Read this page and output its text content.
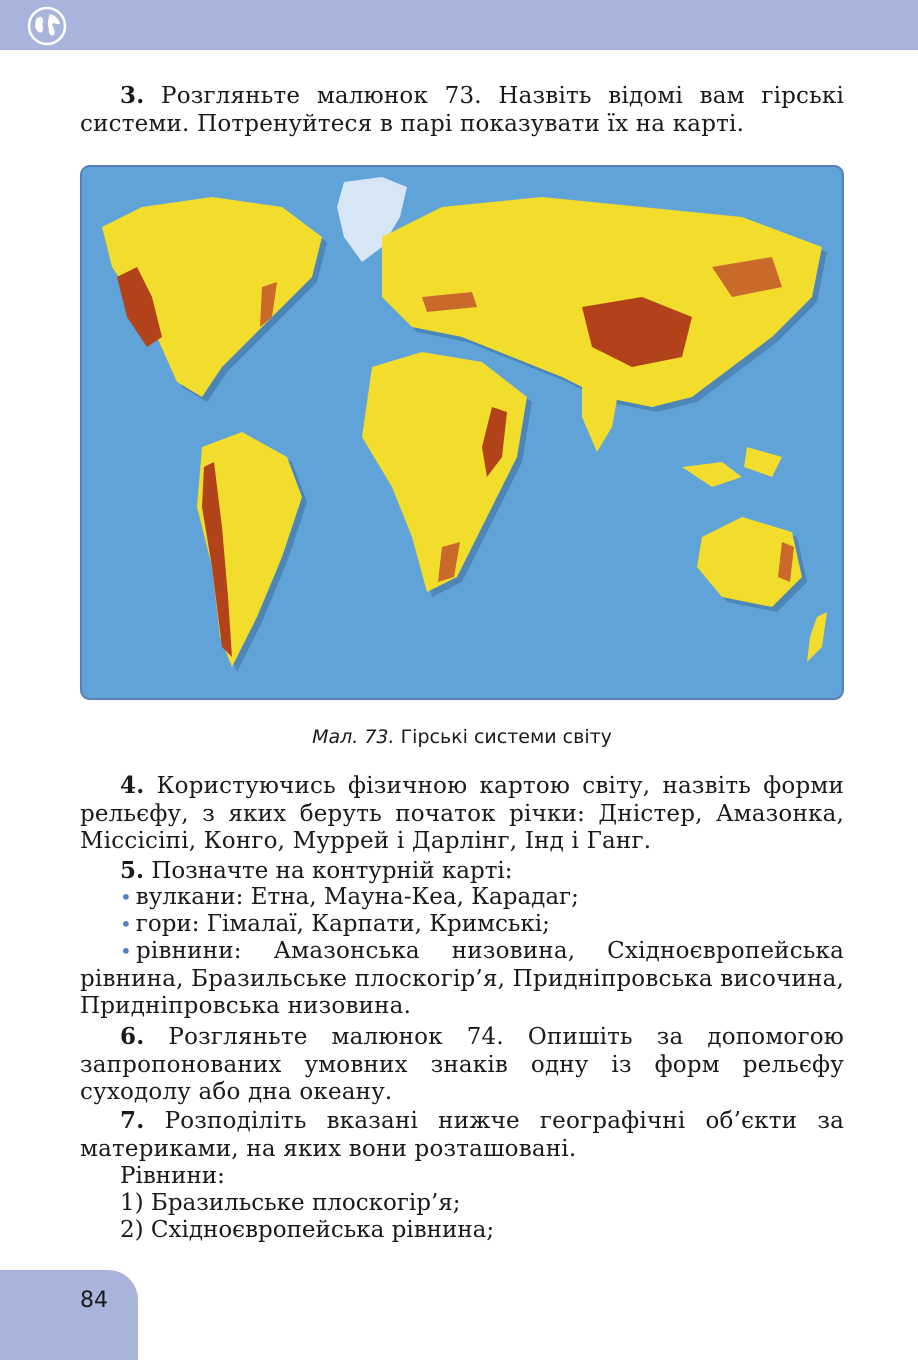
3. Розгляньте малюнок 73. Назвіть відомі вам гірські системи. Потренуйтеся в парі показувати їх на карті.
Мал. 73. Гірські системи світу
4. Користуючись фізичною картою світу, назвіть форми рельєфу, з яких беруть початок річки: Дністер, Амазонка, Міссісіпі, Конго, Муррей і Дарлінг, Інд і Ганг.
5. Позначте на контурній карті:
• вулкани: Етна, Мауна-Кеа, Карадаг;
• гори: Гімалаї, Карпати, Кримські;
• рівнини: Амазонська низовина, Східноєвропейська рівнина, Бразильське плоскогір’я, Придніпровська височина, Придніпровська низовина.
6. Розгляньте малюнок 74. Опишіть за допомогою запропонованих умовних знаків одну із форм рельєфу суходолу або дна океану.
7. Розподіліть вказані нижче географічні об’єкти за материками, на яких вони розташовані.
Рівнини:
1) Бразильське плоскогір’я;
2) Східноєвропейська рівнина;
84
